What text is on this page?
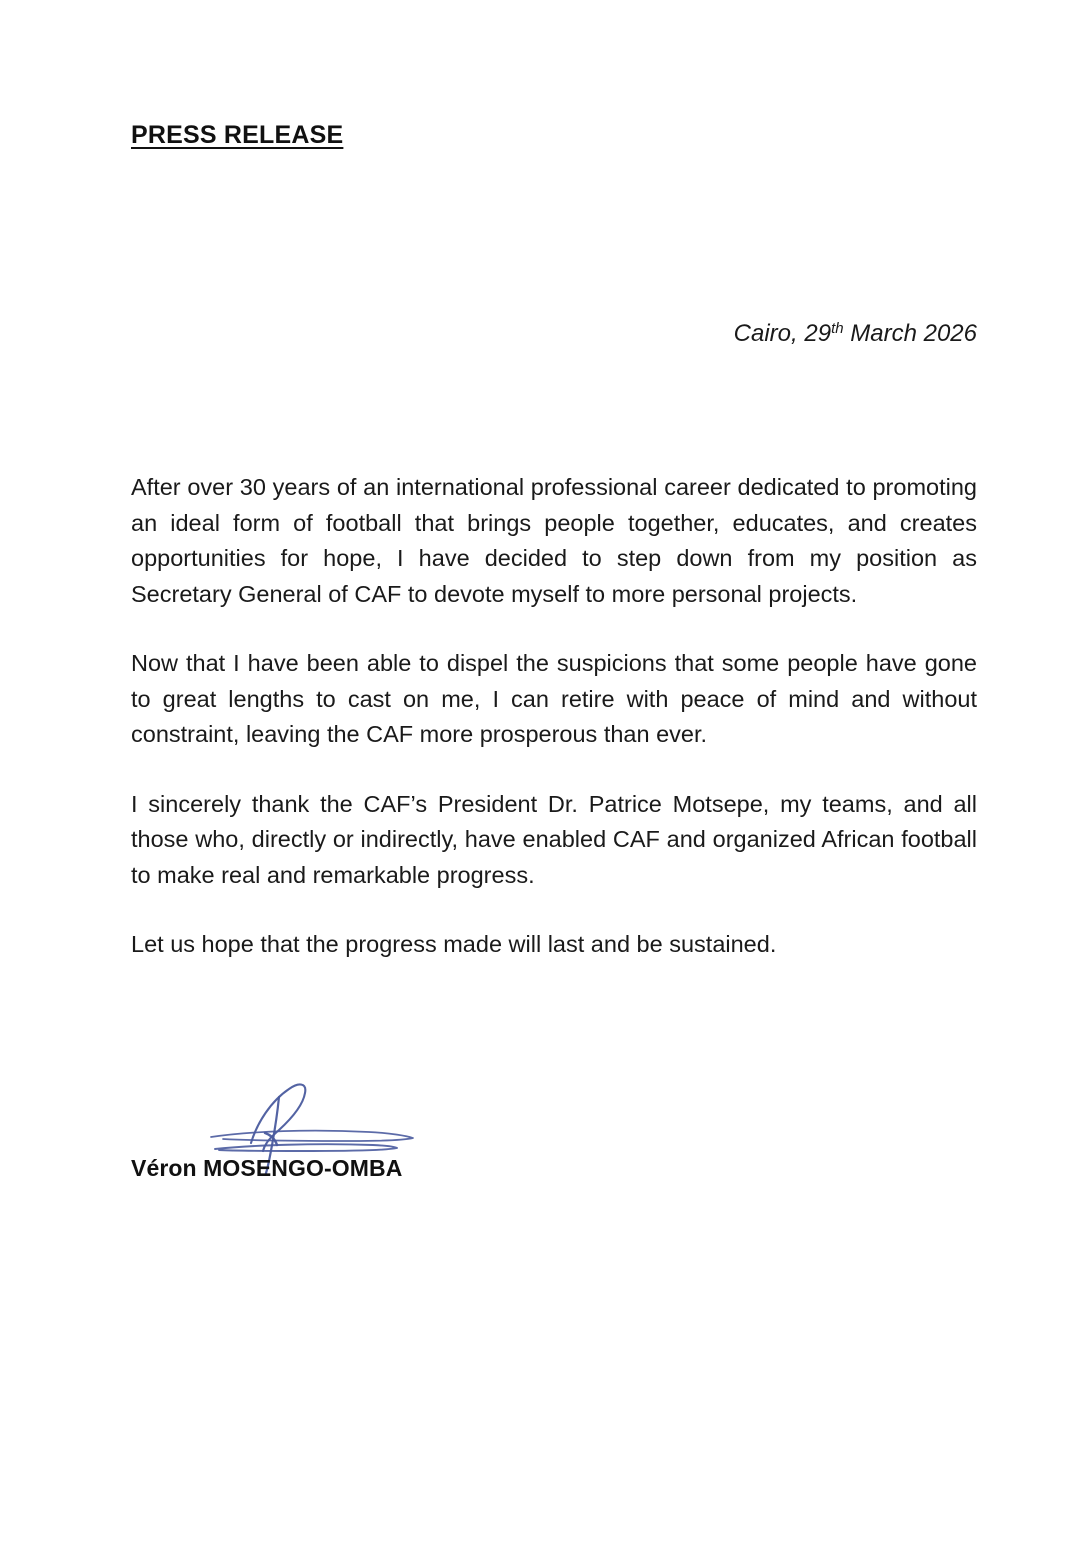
PRESS RELEASE
Cairo, 29th March 2026

After over 30 years of an international professional career dedicated to promoting an ideal form of football that brings people together, educates, and creates opportunities for hope, I have decided to step down from my position as Secretary General of CAF to devote myself to more personal projects.

Now that I have been able to dispel the suspicions that some people have gone to great lengths to cast on me, I can retire with peace of mind and without constraint, leaving the CAF more prosperous than ever.

I sincerely thank the CAF’s President Dr. Patrice Motsepe, my teams, and all those who, directly or indirectly, have enabled CAF and organized African football to make real and remarkable progress.

Let us hope that the progress made will last and be sustained.

Véron MOSENGO-OMBA
